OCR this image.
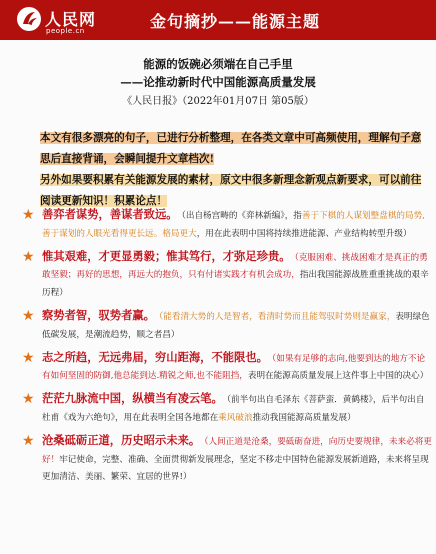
人民网
people.cn	金句摘抄——能源主题
能源的饭碗必须端在自己手里
——论推动新时代中国能源高质量发展
《人民日报》（2022年01月07日 第05版）
本文有很多漂亮的句子，已进行分析整理，在各类文章中可高频使用，理解句子意思后直接背诵，会瞬间提升文章档次!
另外如果要积累有关能源发展的素材，原文中很多新理念新观点新要求，可以前往阅读更新知识！积累论点！
★ 善弈者谋势，善谋者致远。 （出自杨宫畴的《弈林新编》，指善于下棋的人谋划整盘棋的局势,善于谋划的人眼光看得更长远。格局更大，用在此表明中国将持续推进能源、产业结构转型升级）
★ 惟其艰难，才更显勇毅；惟其笃行，才弥足珍贵。 （克服困难、挑战困难才是真正的勇敢坚毅；再好的思想，再远大的抱负，只有付诸实践才有机会成功，指出我国能源战胜重重挑战的艰辛历程）
★ 察势者智，驭势者赢。 （能看清大势的人是智者，看清时势而且能驾驭时势则是赢家，表明绿色低碳发展，是潮流趋势，顺之者昌）
★ 志之所趋，无远弗届，穷山距海，不能限也。 （如果有足够的志向,他要到达的地方不论有如何坚固的防御,他总能到达.精锐之师,也不能阻挡，表明在能源高质量发展上这件事上中国的决心）
★ 茫茫九脉流中国，纵横当有凌云笔。 （前半句出自毛泽东《菩萨蛮．黄鹤楼》，后半句出自杜甫《戏为六绝句》，用在此表明全国各地都在乘风破浪推动我国能源高质量发展）
★ 沧桑砥砺正道，历史昭示未来。 （人间正道是沧桑，要砥砺奋进，向历史要规律，未来必将更好！牢记使命，完整、准确、全面贯彻新发展理念，坚定不移走中国特色能源发展新道路，未来将呈现更加清洁、美丽、繁荣、宜居的世界!）
